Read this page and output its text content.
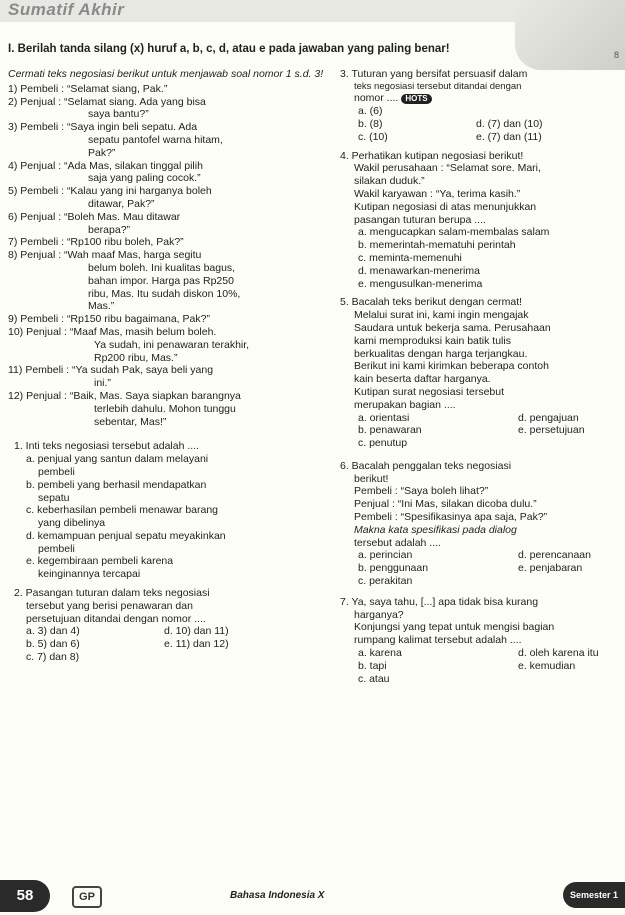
Sumatif Akhir
8
I. Berilah tanda silang (x) huruf a, b, c, d, atau e pada jawaban yang paling benar!

Cermati teks negosiasi berikut untuk menjawab soal nomor 1 s.d. 3!

1) Pembeli : “Selamat siang, Pak.”

2) Penjual : “Selamat siang. Ada yang bisa

saya bantu?”

3) Pembeli : “Saya ingin beli sepatu. Ada

sepatu pantofel warna hitam,

Pak?”

4) Penjual : “Ada Mas, silakan tinggal pilih

saja yang paling cocok.”

5) Pembeli : “Kalau yang ini harganya boleh

ditawar, Pak?”

6) Penjual : “Boleh Mas. Mau ditawar

berapa?”

7) Pembeli : “Rp100 ribu boleh, Pak?”

8) Penjual : “Wah maaf Mas, harga segitu

belum boleh. Ini kualitas bagus,

bahan impor. Harga pas Rp250

ribu, Mas. Itu sudah diskon 10%,

Mas.”

9) Pembeli : “Rp150 ribu bagaimana, Pak?”

10) Penjual : “Maaf Mas, masih belum boleh.

Ya sudah, ini penawaran terakhir,

Rp200 ribu, Mas.”

11) Pembeli : “Ya sudah Pak, saya beli yang

ini.”

12) Penjual : “Baik, Mas. Saya siapkan barangnya

terlebih dahulu. Mohon tunggu

sebentar, Mas!”

1. Inti teks negosiasi tersebut adalah ....

a. penjual yang santun dalam melayani

pembeli

b. pembeli yang berhasil mendapatkan

sepatu

c. keberhasilan pembeli menawar barang

yang dibelinya

d. kemampuan penjual sepatu meyakinkan

pembeli

e. kegembiraan pembeli karena

keinginannya tercapai

2. Pasangan tuturan dalam teks negosiasi

tersebut yang berisi penawaran dan

persetujuan ditandai dengan nomor ....

a. 3) dan 4)	d. 10) dan 11)
b. 5) dan 6)	e. 11) dan 12)
c. 7) dan 8)

3. Tuturan yang bersifat persuasif dalam

teks negosiasi tersebut ditandai dengan

nomor .... HOTS

a. (6)
b. (8)	d. (7) dan (10)
c. (10)	e. (7) dan (11)

4. Perhatikan kutipan negosiasi berikut!

Wakil perusahaan : “Selamat sore. Mari,

silakan duduk.”

Wakil karyawan : “Ya, terima kasih.”

Kutipan negosiasi di atas menunjukkan

pasangan tuturan berupa ....

a. mengucapkan salam-membalas salam

b. memerintah-mematuhi perintah

c. meminta-memenuhi

d. menawarkan-menerima

e. mengusulkan-menerima

5. Bacalah teks berikut dengan cermat!

Melalui surat ini, kami ingin mengajak

Saudara untuk bekerja sama. Perusahaan

kami memproduksi kain batik tulis

berkualitas dengan harga terjangkau.

Berikut ini kami kirimkan beberapa contoh

kain beserta daftar harganya.

Kutipan surat negosiasi tersebut

merupakan bagian ....

a. orientasi	d. pengajuan
b. penawaran	e. persetujuan
c. penutup

6. Bacalah penggalan teks negosiasi

berikut!

Pembeli : “Saya boleh lihat?”

Penjual : “Ini Mas, silakan dicoba dulu.”

Pembeli : “Spesifikasinya apa saja, Pak?”

Makna kata spesifikasi pada dialog

tersebut adalah ....

a. perincian	d. perencanaan
b. penggunaan	e. penjabaran
c. perakitan

7. Ya, saya tahu, [...] apa tidak bisa kurang

harganya?

Konjungsi yang tepat untuk mengisi bagian

rumpang kalimat tersebut adalah ....

a. karena	d. oleh karena itu
b. tapi	e. kemudian
c. atau
58	GP	Bahasa Indonesia X	Semester 1
